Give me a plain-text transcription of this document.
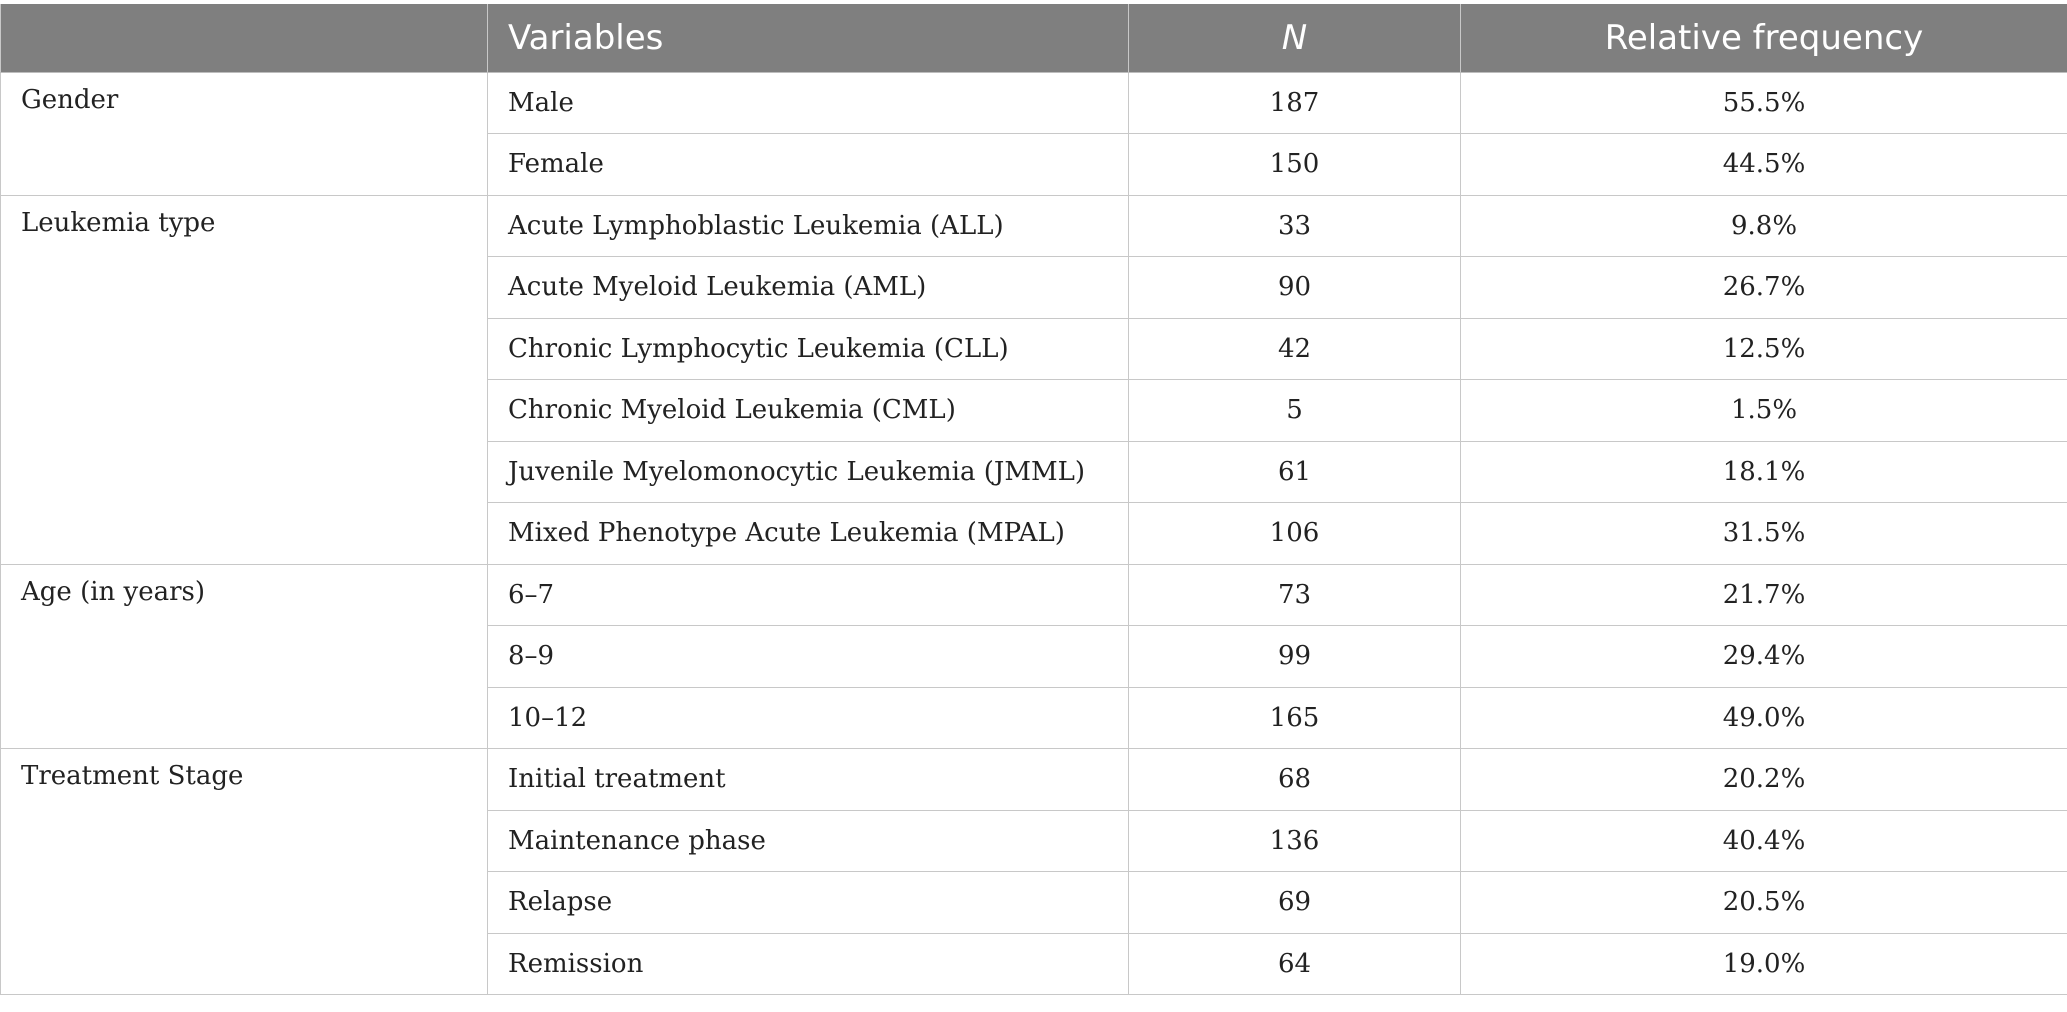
	Variables	N	Relative frequency
Gender	Male	187	55.5%
	Female	150	44.5%
Leukemia type	Acute Lymphoblastic Leukemia (ALL)	33	9.8%
	Acute Myeloid Leukemia (AML)	90	26.7%
	Chronic Lymphocytic Leukemia (CLL)	42	12.5%
	Chronic Myeloid Leukemia (CML)	5	1.5%
	Juvenile Myelomonocytic Leukemia (JMML)	61	18.1%
	Mixed Phenotype Acute Leukemia (MPAL)	106	31.5%
Age (in years)	6–7	73	21.7%
	8–9	99	29.4%
	10–12	165	49.0%
Treatment Stage	Initial treatment	68	20.2%
	Maintenance phase	136	40.4%
	Relapse	69	20.5%
	Remission	64	19.0%
